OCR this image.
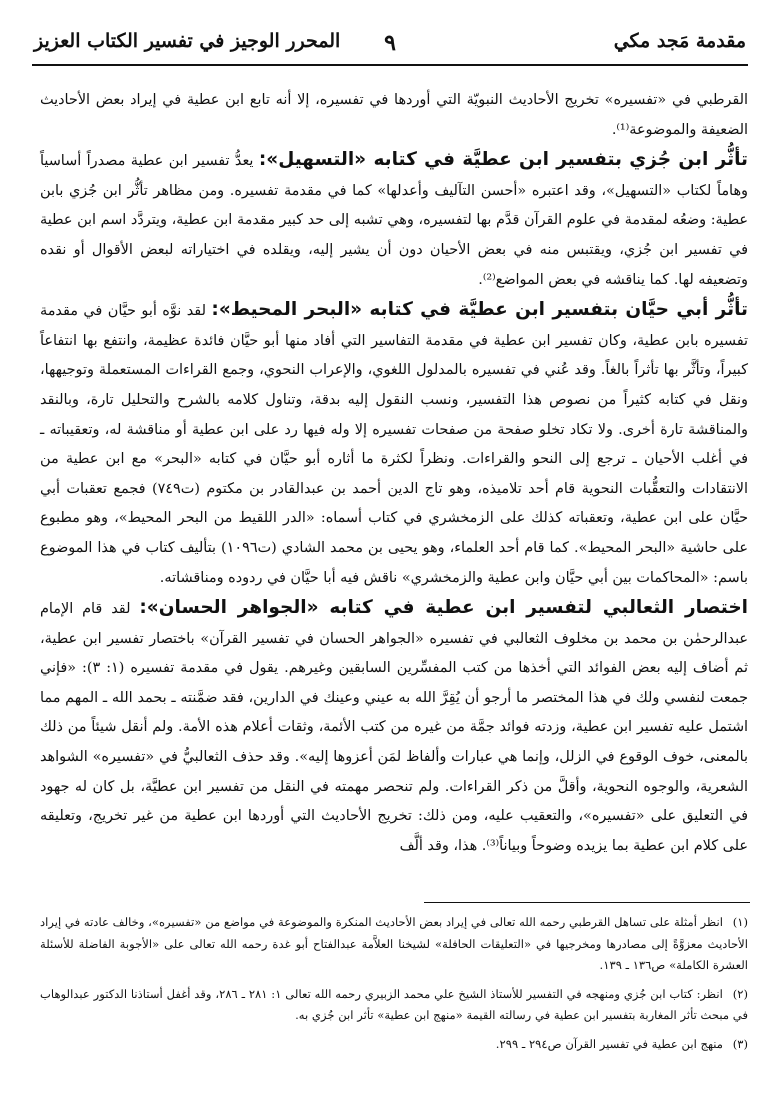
مقدمة مَجد مكي
٩
المحرر الوجيز في تفسير الكتاب العزيز

القرطبي في «تفسيره» تخريج الأحاديث النبويّة التي أوردها في تفسيره، إلا أنه تابع ابن عطية في إيراد بعض الأحاديث الضعيفة والموضوعة⁽¹⁾.

تأثُّر ابن جُزي بتفسير ابن عطيَّة في كتابه «التسهيل»: يعدُّ تفسير ابن عطية مصدراً أساسياً وهاماً لكتاب «التسهيل»، وقد اعتبره «أحسن التآليف وأعدلها» كما في مقدمة تفسيره. ومن مظاهر تأثُّر ابن جُزي بابن عطية: وضعُه لمقدمة في علوم القرآن قدَّم بها لتفسيره، وهي تشبه إلى حد كبير مقدمة ابن عطية، ويتردَّد اسم ابن عطية في تفسير ابن جُزي، ويقتبس منه في بعض الأحيان دون أن يشير إليه، ويقلده في اختياراته لبعض الأقوال أو نقده وتضعيفه لها. كما يناقشه في بعض المواضع⁽²⁾.

تأثُّر أبي حيَّان بتفسير ابن عطيَّة في كتابه «البحر المحيط»: لقد نوَّه أبو حيَّان في مقدمة تفسيره بابن عطية، وكان تفسير ابن عطية في مقدمة التفاسير التي أفاد منها أبو حيَّان فائدة عظيمة، وانتفع بها انتفاعاً كبيراً، وتأثَّر بها تأثراً بالغاً. وقد عُني في تفسيره بالمدلول اللغوي، والإعراب النحوي، وجمع القراءات المستعملة وتوجيهها، ونقل في كتابه كثيراً من نصوص هذا التفسير، ونسب النقول إليه بدقة، وتناول كلامه بالشرح والتحليل تارة، وبالنقد والمناقشة تارة أخرى. ولا تكاد تخلو صفحة من صفحات تفسيره إلا وله فيها رد على ابن عطية أو مناقشة له، وتعقيباته ـ في أغلب الأحيان ـ ترجع إلى النحو والقراءات. ونظراً لكثرة ما أثاره أبو حيَّان في كتابه «البحر» مع ابن عطية من الانتقادات والتعقُّبات النحوية قام أحد تلاميذه، وهو تاج الدين أحمد بن عبدالقادر بن مكتوم (ت٧٤٩) فجمع تعقبات أبي حيَّان على ابن عطية، وتعقباته كذلك على الزمخشري في كتاب أسماه: «الدر اللقيط من البحر المحيط»، وهو مطبوع على حاشية «البحر المحيط». كما قام أحد العلماء، وهو يحيى بن محمد الشادي (ت١٠٩٦) بتأليف كتاب في هذا الموضوع باسم: «المحاكمات بين أبي حيَّان وابن عطية والزمخشري» ناقش فيه أبا حيَّان في ردوده ومناقشاته.

اختصار الثعالبي لتفسير ابن عطية في كتابه «الجواهر الحسان»: لقد قام الإمام عبدالرحمٰن بن محمد بن مخلوف الثعالبي في تفسيره «الجواهر الحسان في تفسير القرآن» باختصار تفسير ابن عطية، ثم أضاف إليه بعض الفوائد التي أخذها من كتب المفسِّرين السابقين وغيرهم. يقول في مقدمة تفسيره (١: ٣): «فإني جمعت لنفسي ولك في هذا المختصر ما أرجو أن يُقِرَّ الله به عيني وعينك في الدارين، فقد ضمَّنته ـ بحمد الله ـ المهم مما اشتمل عليه تفسير ابن عطية، وزدته فوائد جمَّة من غيره من كتب الأئمة، وثقات أعلام هذه الأمة. ولم أنقل شيئاً من ذلك بالمعنى، خوف الوقوع في الزلل، وإنما هي عبارات وألفاظ لمَن أعزوها إليه». وقد حذف الثعالبيُّ في «تفسيره» الشواهد الشعرية، والوجوه النحوية، وأقلَّ من ذكر القراءات. ولم تنحصر مهمته في النقل من تفسير ابن عطيَّة، بل كان له جهود في التعليق على «تفسيره»، والتعقيب عليه، ومن ذلك: تخريج الأحاديث التي أوردها ابن عطية من غير تخريج، وتعليقه على كلام ابن عطية بما يزيده وضوحاً وبياناً⁽³⁾. هذا، وقد ألَّف

(١) انظر أمثلة على تساهل القرطبي رحمه الله تعالى في إيراد بعض الأحاديث المنكرة والموضوعة في مواضع من «تفسيره»، وخالف عادته في إيراد الأحاديث معزوَّةً إلى مصادرها ومخرجيها في «التعليقات الحافلة» لشيخنا العلاَّمة عبدالفتاح أبو غدة رحمه الله تعالى على «الأجوبة الفاضلة للأسئلة العشرة الكاملة» ص١٣٦ ـ ١٣٩.

(٢) انظر: كتاب ابن جُزي ومنهجه في التفسير للأستاذ الشيخ علي محمد الزبيري رحمه الله تعالى ١: ٢٨١ ـ ٢٨٦، وقد أغفل أستاذنا الدكتور عبدالوهاب في مبحث تأثر المغاربة بتفسير ابن عطية في رسالته القيمة «منهج ابن عطية» تأثر ابن جُزي به.

(٣) منهج ابن عطية في تفسير القرآن ص٢٩٤ ـ ٢٩٩.
